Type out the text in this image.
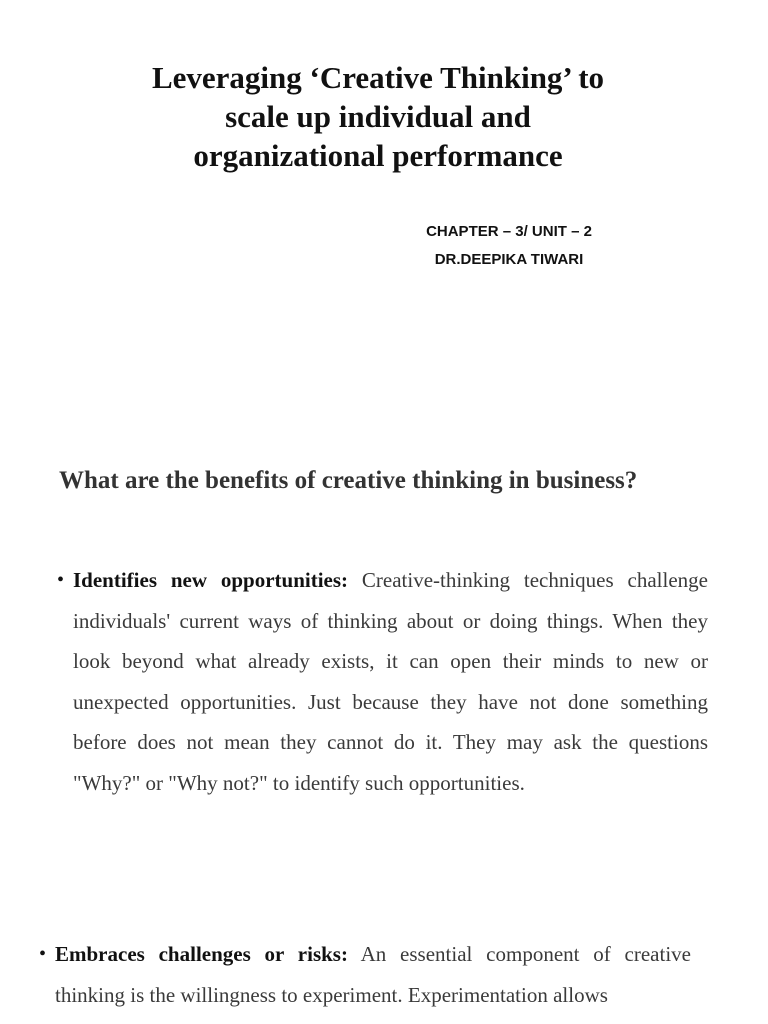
Leveraging ‘Creative Thinking’ to
scale up individual and
organizational performance
CHAPTER – 3/ UNIT – 2
DR.DEEPIKA TIWARI
What are the benefits of creative thinking in business?
• Identifies new opportunities: Creative-thinking techniques challenge individuals' current ways of thinking about or doing things. When they look beyond what already exists, it can open their minds to new or unexpected opportunities. Just because they have not done something before does not mean they cannot do it. They may ask the questions "Why?" or "Why not?" to identify such opportunities.
• Embraces challenges or risks: An essential component of creative thinking is the willingness to experiment. Experimentation allows
